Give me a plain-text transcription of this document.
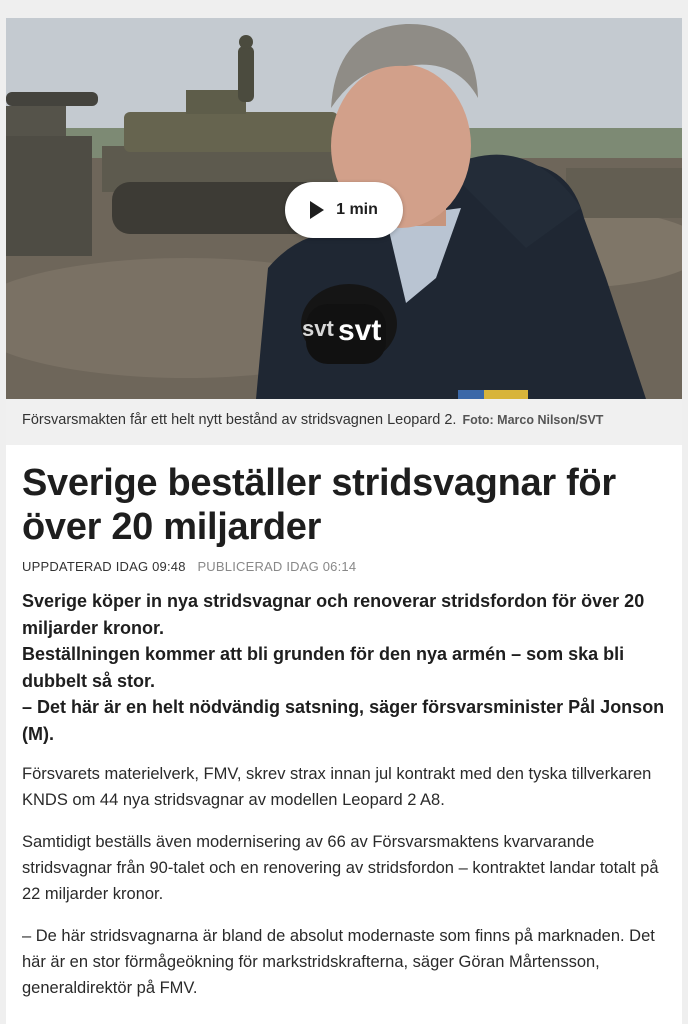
svt
svt
1 min
Försvarsmakten får ett helt nytt bestånd av stridsvagnen Leopard 2. Foto: Marco Nilson/SVT
Sverige beställer stridsvagnar för över 20 miljarder
UPPDATERAD IDAG 09:48 PUBLICERAD IDAG 06:14

Sverige köper in nya stridsvagnar och renoverar stridsfordon för över 20 miljarder kronor.

Beställningen kommer att bli grunden för den nya armén – som ska bli dubbelt så stor.

– Det här är en helt nödvändig satsning, säger försvarsminister Pål Jonson (M).

Försvarets materielverk, FMV, skrev strax innan jul kontrakt med den tyska tillverkaren KNDS om 44 nya stridsvagnar av modellen Leopard 2 A8.

Samtidigt beställs även modernisering av 66 av Försvarsmaktens kvarvarande stridsvagnar från 90-talet och en renovering av stridsfordon – kontraktet landar totalt på 22 miljarder kronor.

– De här stridsvagnarna är bland de absolut modernaste som finns på marknaden. Det här är en stor förmågeökning för markstridskrafterna, säger Göran Mårtensson, generaldirektör på FMV.
